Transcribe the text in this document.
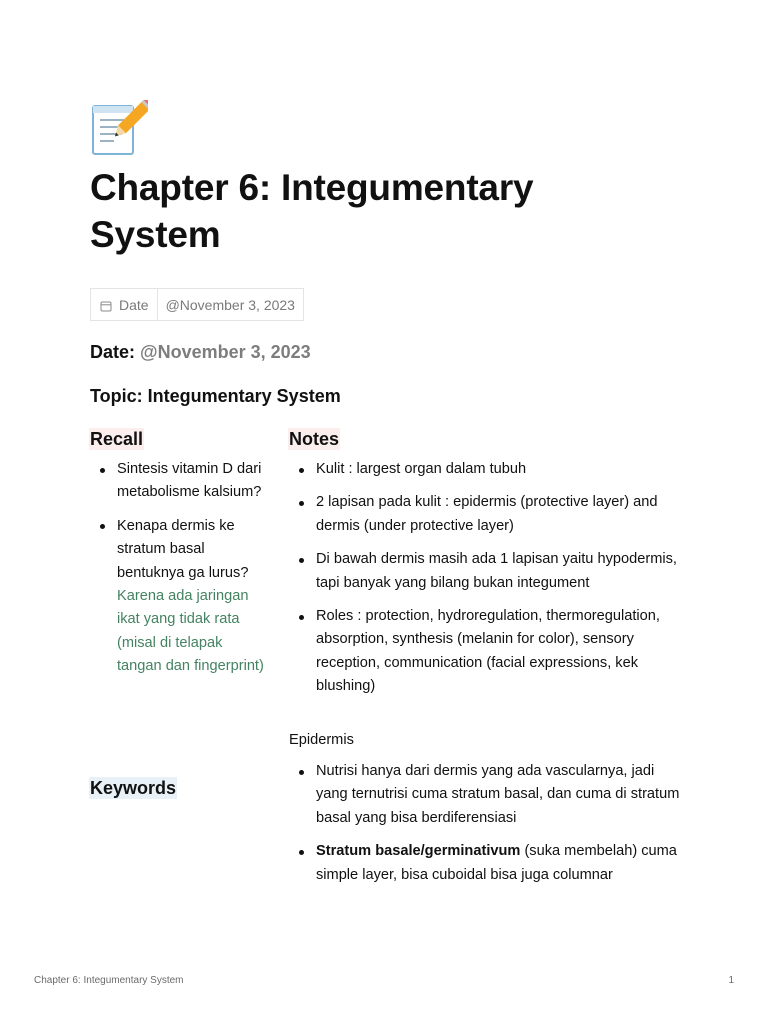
Chapter 6: Integumentary System
Date	@November 3, 2023
Date: @November 3, 2023
Topic: Integumentary System
Recall
Sintesis vitamin D dari metabolisme kalsium?
Kenapa dermis ke stratum basal bentuknya ga lurus? Karena ada jaringan ikat yang tidak rata (misal di telapak tangan dan fingerprint)
Keywords
Notes
Kulit : largest organ dalam tubuh
2 lapisan pada kulit : epidermis (protective layer) and dermis (under protective layer)
Di bawah dermis masih ada 1 lapisan yaitu hypodermis, tapi banyak yang bilang bukan integument
Roles : protection, hydroregulation, thermoregulation, absorption, synthesis (melanin for color), sensory reception, communication (facial expressions, kek blushing)
Epidermis
Nutrisi hanya dari dermis yang ada vascularnya, jadi yang ternutrisi cuma stratum basal, dan cuma di stratum basal yang bisa berdiferensiasi
Stratum basale/germinativum (suka membelah) cuma simple layer, bisa cuboidal bisa juga columnar
Chapter 6: Integumentary System	1
